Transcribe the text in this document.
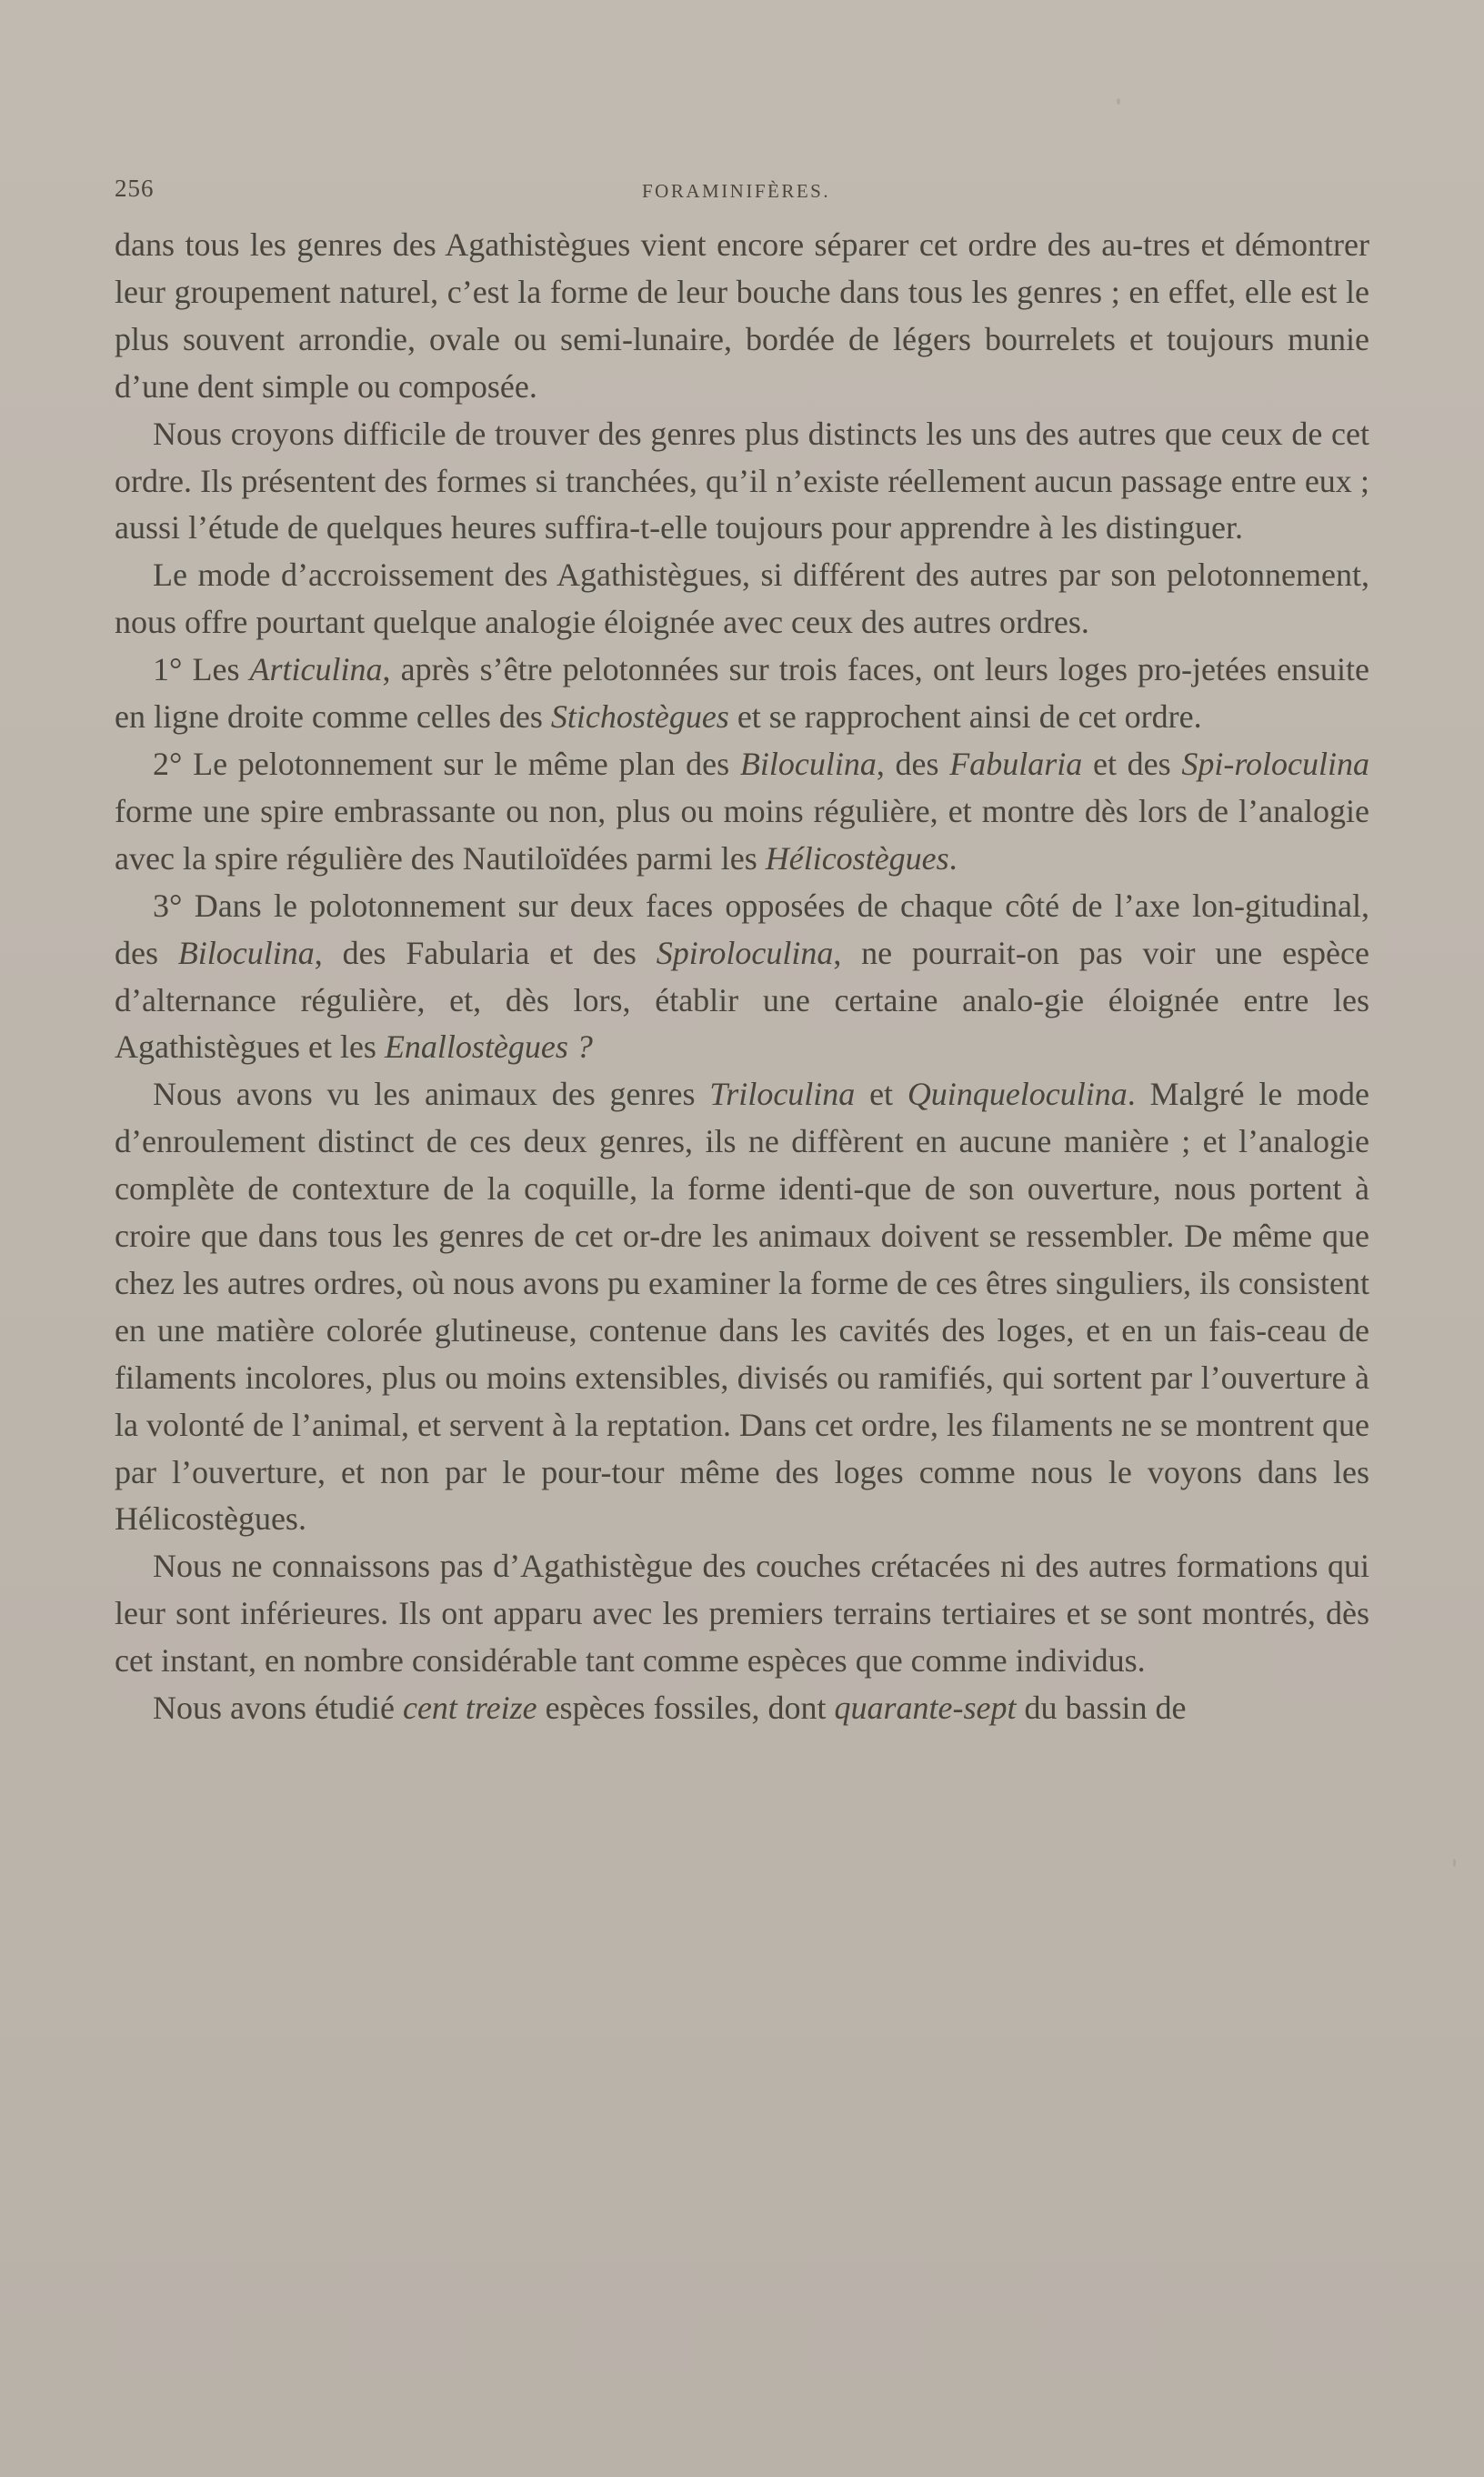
256	FORAMINIFÈRES.

dans tous les genres des Agathistègues vient encore séparer cet ordre des au-tres et démontrer leur groupement naturel, c’est la forme de leur bouche dans tous les genres ; en effet, elle est le plus souvent arrondie, ovale ou semi-lunaire, bordée de légers bourrelets et toujours munie d’une dent simple ou composée.

Nous croyons difficile de trouver des genres plus distincts les uns des autres que ceux de cet ordre. Ils présentent des formes si tranchées, qu’il n’existe réellement aucun passage entre eux ; aussi l’étude de quelques heures suffira-t-elle toujours pour apprendre à les distinguer.

Le mode d’accroissement des Agathistègues, si différent des autres par son pelotonnement, nous offre pourtant quelque analogie éloignée avec ceux des autres ordres.

1° Les Articulina, après s’être pelotonnées sur trois faces, ont leurs loges pro-jetées ensuite en ligne droite comme celles des Stichostègues et se rapprochent ainsi de cet ordre.

2° Le pelotonnement sur le même plan des Biloculina, des Fabularia et des Spi-roloculina forme une spire embrassante ou non, plus ou moins régulière, et montre dès lors de l’analogie avec la spire régulière des Nautiloïdées parmi les Hélicostègues.

3° Dans le polotonnement sur deux faces opposées de chaque côté de l’axe lon-gitudinal, des Biloculina, des Fabularia et des Spiroloculina, ne pourrait-on pas voir une espèce d’alternance régulière, et, dès lors, établir une certaine analo-gie éloignée entre les Agathistègues et les Enallostègues ?

Nous avons vu les animaux des genres Triloculina et Quinqueloculina. Malgré le mode d’enroulement distinct de ces deux genres, ils ne diffèrent en aucune manière ; et l’analogie complète de contexture de la coquille, la forme identi-que de son ouverture, nous portent à croire que dans tous les genres de cet or-dre les animaux doivent se ressembler. De même que chez les autres ordres, où nous avons pu examiner la forme de ces êtres singuliers, ils consistent en une matière colorée glutineuse, contenue dans les cavités des loges, et en un fais-ceau de filaments incolores, plus ou moins extensibles, divisés ou ramifiés, qui sortent par l’ouverture à la volonté de l’animal, et servent à la reptation. Dans cet ordre, les filaments ne se montrent que par l’ouverture, et non par le pour-tour même des loges comme nous le voyons dans les Hélicostègues.

Nous ne connaissons pas d’Agathistègue des couches crétacées ni des autres formations qui leur sont inférieures. Ils ont apparu avec les premiers terrains tertiaires et se sont montrés, dès cet instant, en nombre considérable tant comme espèces que comme individus.

Nous avons étudié cent treize espèces fossiles, dont quarante-sept du bassin de
